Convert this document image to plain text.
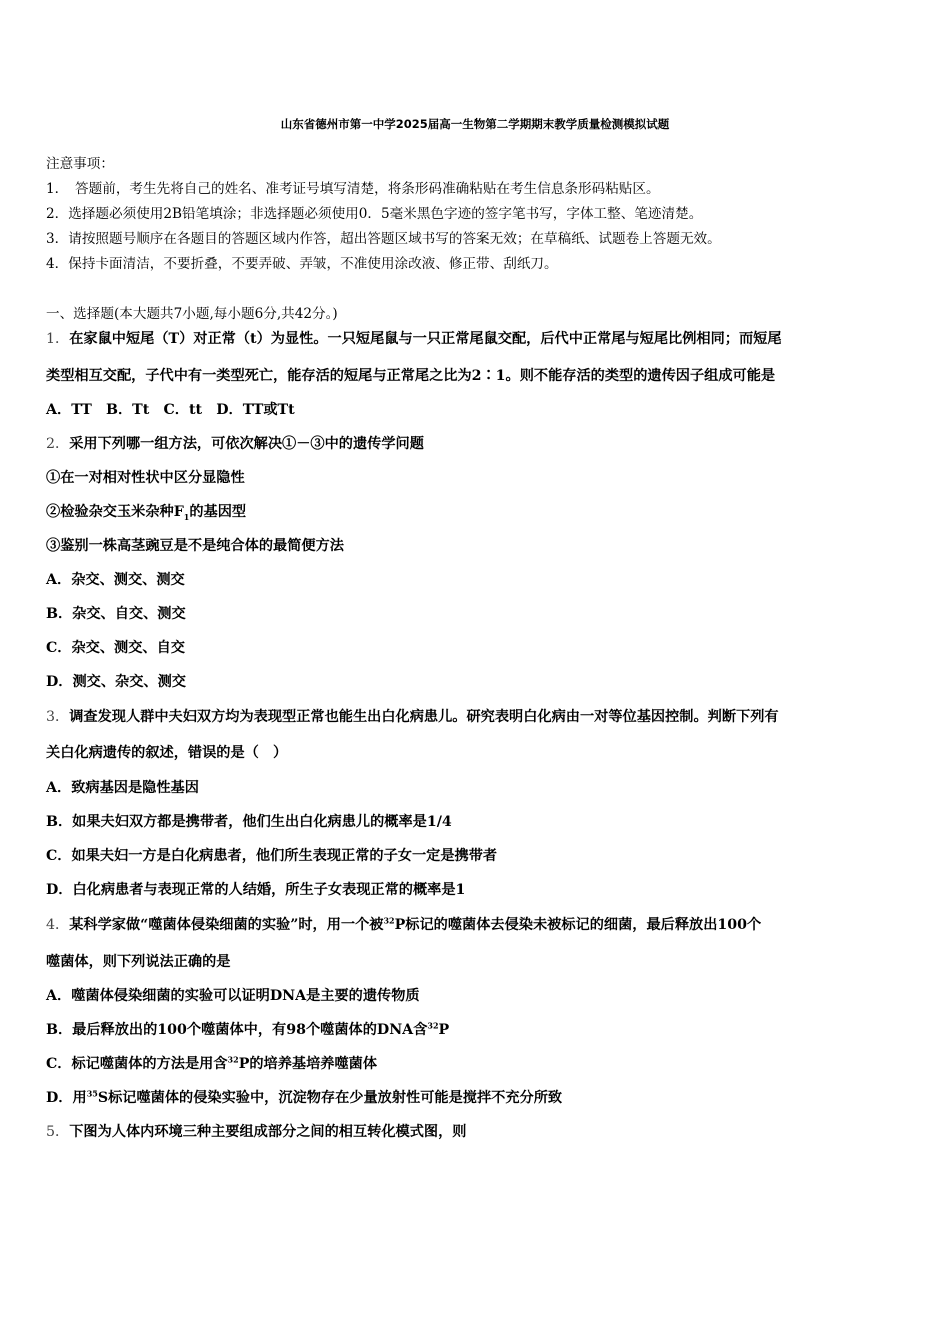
山东省德州市第一中学2025届高一生物第二学期期末教学质量检测模拟试题
注意事项：
1．　答题前，考生先将自己的姓名、准考证号填写清楚，将条形码准确粘贴在考生信息条形码粘贴区。
2．选择题必须使用2B铅笔填涂；非选择题必须使用0．5毫米黑色字迹的签字笔书写，字体工整、笔迹清楚。
3．请按照题号顺序在各题目的答题区域内作答，超出答题区域书写的答案无效；在草稿纸、试题卷上答题无效。
4．保持卡面清洁，不要折叠，不要弄破、弄皱，不准使用涂改液、修正带、刮纸刀。
一、选择题(本大题共7小题,每小题6分,共42分。)
1．在家鼠中短尾（T）对正常（t）为显性。一只短尾鼠与一只正常尾鼠交配，后代中正常尾与短尾比例相同；而短尾
类型相互交配，子代中有一类型死亡，能存活的短尾与正常尾之比为2∶1。则不能存活的类型的遗传因子组成可能是
A．TT　B．Tt　C．tt　D．TT或Tt
2．采用下列哪一组方法，可依次解决①－③中的遗传学问题
①在一对相对性状中区分显隐性
②检验杂交玉米杂种$F_1$的基因型
③鉴别一株高茎豌豆是不是纯合体的最简便方法
A．杂交、测交、测交
B．杂交、自交、测交
C．杂交、测交、自交
D．测交、杂交、测交
3．调查发现人群中夫妇双方均为表现型正常也能生出白化病患儿。研究表明白化病由一对等位基因控制。判断下列有
关白化病遗传的叙述，错误的是（　）
A．致病基因是隐性基因
B．如果夫妇双方都是携带者，他们生出白化病患儿的概率是1/4
C．如果夫妇一方是白化病患者，他们所生表现正常的子女一定是携带者
D．白化病患者与表现正常的人结婚，所生子女表现正常的概率是1
4．某科学家做“噬菌体侵染细菌的实验”时，用一个被$^{32}$P标记的噬菌体去侵染未被标记的细菌，最后释放出100个
噬菌体，则下列说法正确的是
A．噬菌体侵染细菌的实验可以证明DNA是主要的遗传物质
B．最后释放出的100个噬菌体中，有98个噬菌体的DNA含$^{32}$P
C．标记噬菌体的方法是用含$^{32}$P的培养基培养噬菌体
D．用$^{35}$S标记噬菌体的侵染实验中，沉淀物存在少量放射性可能是搅拌不充分所致
5．下图为人体内环境三种主要组成部分之间的相互转化模式图，则
